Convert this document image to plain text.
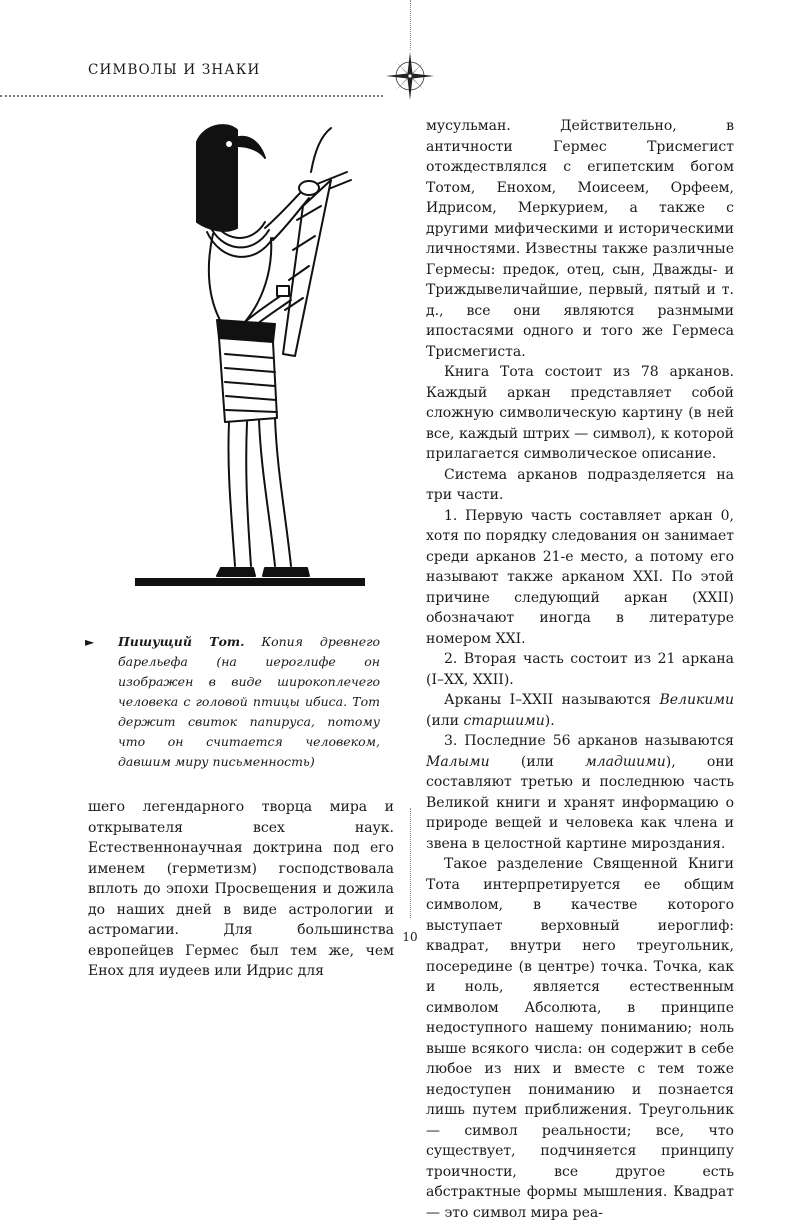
СИМВОЛЫ И ЗНАКИ
► Пишущий Тот. Копия древнего барельефа (на иероглифе он изображен в виде широкоплечего человека с головой птицы ибиса. Тот держит свиток папируса, потому что он считается человеком, давшим миру письменность)

шего легендарного творца мира и открывателя всех наук. Естественнонаучная доктрина под его именем (герметизм) господствовала вплоть до эпохи Просвещения и дожила до наших дней в виде астрологии и астромагии. Для большинства европейцев Гермес был тем же, чем Енох для иудеев или Идрис для

мусульман. Действительно, в античности Гермес Трисмегист отождествлялся с египетским богом Тотом, Енохом, Моисеем, Орфеем, Идрисом, Меркурием, а также с другими мифическими и историческими личностями. Известны также различные Гермесы: предок, отец, сын, Дважды- и Триждывеличайшие, первый, пятый и т. д., все они являются разнмыми ипостасями одного и того же Гермеса Трисмегиста.

Книга Тота состоит из 78 арканов. Каждый аркан представляет собой сложную символическую картину (в ней все, каждый штрих — символ), к которой прилагается символическое описание.

Система арканов подразделяется на три части.

1. Первую часть составляет аркан 0, хотя по порядку следования он занимает среди арканов 21-е место, а потому его называют также арканом XXI. По этой причине следующий аркан (XXII) обозначают иногда в литературе номером XXI.

2. Вторая часть состоит из 21 аркана (I–XX, XXII).

Арканы I–XXII называются Великими (или старшими).

3. Последние 56 арканов называются Малыми (или младшими), они составляют третью и последнюю часть Великой книги и хранят информацию о природе вещей и человека как члена и звена в целостной картине мироздания.

Такое разделение Священной Книги Тота интерпретируется ее общим символом, в качестве которого выступает верховный иероглиф: квадрат, внутри него треугольник, посередине (в центре) точка. Точка, как и ноль, является естественным символом Абсолюта, в принципе недоступного нашему пониманию; ноль выше всякого числа: он содержит в себе любое из них и вместе с тем тоже недоступен пониманию и познается лишь путем приближения. Треугольник — символ реальности; все, что существует, подчиняется принципу троичности, все другое есть абстрактные формы мышления. Квадрат — это символ мира реа-

10
